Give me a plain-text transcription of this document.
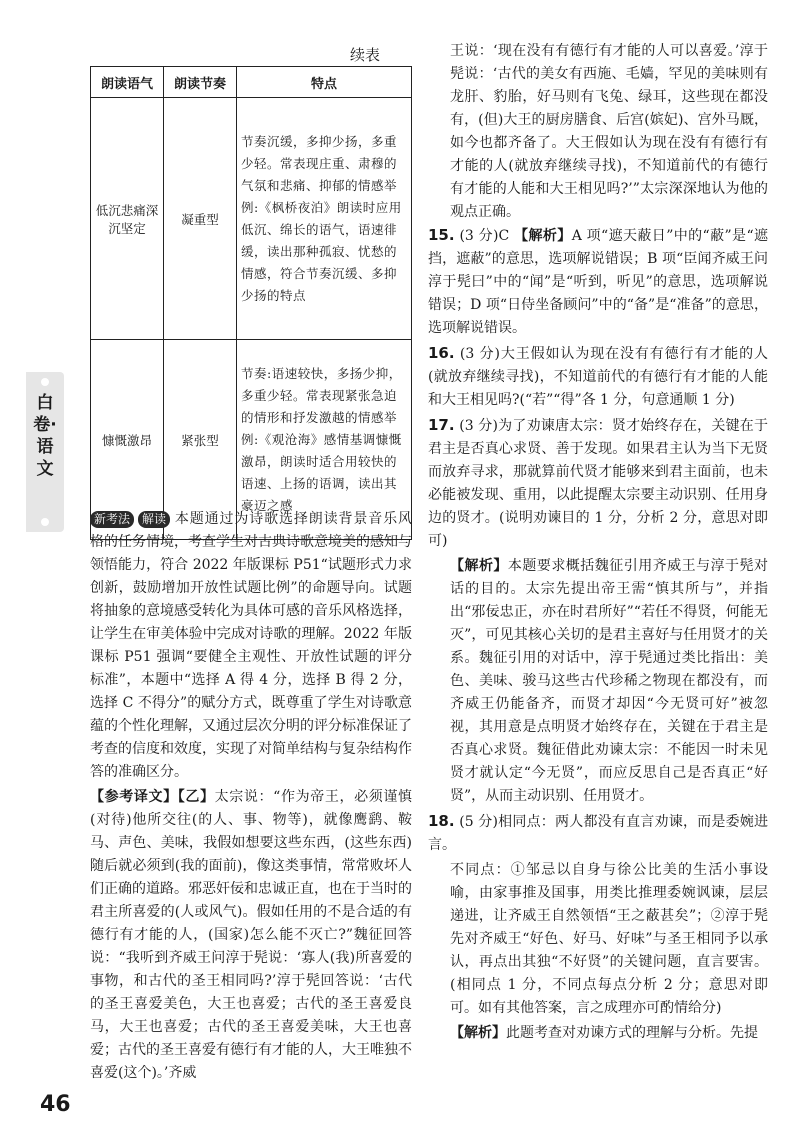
续表
朗读语气	朗读节奏	特点
低沉悲痛深沉坚定	凝重型	节奏沉缓，多抑少扬，多重少轻。常表现庄重、肃穆的气氛和悲痛、抑郁的情感举例:《枫桥夜泊》朗读时应用低沉、绵长的语气，语速徘缓，读出那种孤寂、忧愁的情感，符合节奏沉缓、多抑少扬的特点
慷慨激昂	紧张型	节奏:语速较快，多扬少抑，多重少轻。常表现紧张急迫的情形和抒发激越的情感举例:《观沧海》感情基调慷慨激昂，朗读时适合用较快的语速、上扬的语调，读出其豪迈之感

新考法 解读 本题通过为诗歌选择朗读背景音乐风格的任务情境，考查学生对古典诗歌意境美的感知与领悟能力，符合 2022 年版课标 P51“试题形式力求创新，鼓励增加开放性试题比例”的命题导向。试题将抽象的意境感受转化为具体可感的音乐风格选择，让学生在审美体验中完成对诗歌的理解。2022 年版课标 P51 强调“要健全主观性、开放性试题的评分标准”，本题中“选择 A 得 4 分，选择 B 得 2 分，选择 C 不得分”的赋分方式，既尊重了学生对诗歌意蕴的个性化理解，又通过层次分明的评分标准保证了考查的信度和效度，实现了对简单结构与复杂结构作答的准确区分。

【参考译文】【乙】太宗说：“作为帝王，必须谨慎(对待)他所交往(的人、事、物等)，就像鹰鹞、鞍马、声色、美味，我假如想要这些东西，(这些东西)随后就必须到(我的面前)，像这类事情，常常败坏人们正确的道路。邪恶奸佞和忠诚正直，也在于当时的君主所喜爱的(人或风气)。假如任用的不是合适的有德行有才能的人，(国家)怎么能不灭亡?”魏征回答说：“我听到齐威王问淳于髡说：‘寡人(我)所喜爱的事物，和古代的圣王相同吗?’淳于髡回答说：‘古代的圣王喜爱美色，大王也喜爱；古代的圣王喜爱良马，大王也喜爱；古代的圣王喜爱美味，大王也喜爱；古代的圣王喜爱有德行有才能的人，大王唯独不喜爱(这个)。’齐威

王说：‘现在没有有德行有才能的人可以喜爱。’淳于髡说：‘古代的美女有西施、毛嫱，罕见的美味则有龙肝、豹胎，好马则有飞兔、绿耳，这些现在都没有，(但)大王的厨房膳食、后宫(嫔妃)、宫外马厩，如今也都齐备了。大王假如认为现在没有有德行有才能的人(就放弃继续寻找)，不知道前代的有德行有才能的人能和大王相见吗?’”太宗深深地认为他的观点正确。

15. (3 分)C 【解析】A 项“遮天蔽日”中的“蔽”是“遮挡，遮蔽”的意思，选项解说错误；B 项“臣闻齐威王问淳于髡曰”中的“闻”是“听到，听见”的意思，选项解说错误；D 项“日侍坐备顾问”中的“备”是“准备”的意思，选项解说错误。

16. (3 分)大王假如认为现在没有有德行有才能的人(就放弃继续寻找)，不知道前代的有德行有才能的人能和大王相见吗?(“若”“得”各 1 分，句意通顺 1 分)

17. (3 分)为了劝谏唐太宗：贤才始终存在，关键在于君主是否真心求贤、善于发现。如果君主认为当下无贤而放弃寻求，那就算前代贤才能够来到君主面前，也未必能被发现、重用，以此提醒太宗要主动识别、任用身边的贤才。(说明劝谏目的 1 分，分析 2 分，意思对即可)

【解析】本题要求概括魏征引用齐威王与淳于髡对话的目的。太宗先提出帝王需“慎其所与”，并指出“邪佞忠正，亦在时君所好”“若任不得贤，何能无灭”，可见其核心关切的是君主喜好与任用贤才的关系。魏征引用的对话中，淳于髡通过类比指出：美色、美味、骏马这些古代珍稀之物现在都没有，而齐威王仍能备齐，而贤才却因“今无贤可好”被忽视，其用意是点明贤才始终存在，关键在于君主是否真心求贤。魏征借此劝谏太宗：不能因一时未见贤才就认定“今无贤”，而应反思自己是否真正“好贤”，从而主动识别、任用贤才。

18. (5 分)相同点：两人都没有直言劝谏，而是委婉进言。

不同点：①邹忌以自身与徐公比美的生活小事设喻，由家事推及国事，用类比推理委婉讽谏，层层递进，让齐威王自然领悟“王之蔽甚矣”；②淳于髡先对齐威王“好色、好马、好味”与圣王相同予以承认，再点出其独“不好贤”的关键问题，直言要害。(相同点 1 分，不同点每点分析 2 分；意思对即可。如有其他答案，言之成理亦可酌情给分)

【解析】此题考查对劝谏方式的理解与分析。先提

白卷·语文
46
